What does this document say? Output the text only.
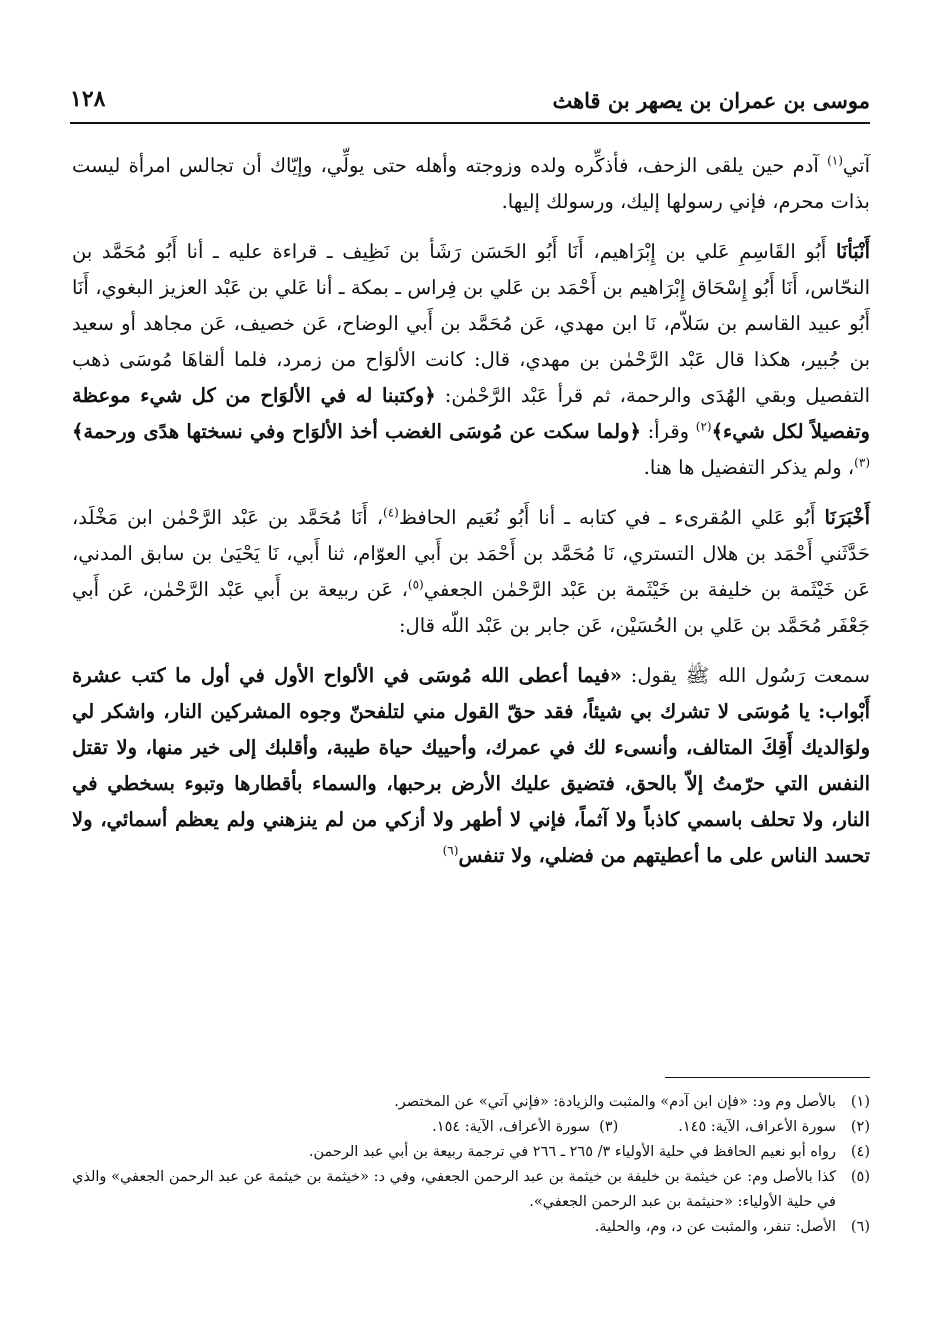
موسى بن عمران بن يصهر بن قاهث
١٢٨

آتي$^{(١)}$ آدم حين يلقى الزحف، فأذكِّره ولده وزوجته وأهله حتى يولِّي، وإيّاك أن تجالس امرأة ليست بذات محرم، فإني رسولها إليك، ورسولك إليها.

أَنْبَأنَا أَبُو القَاسِمِ عَلي بن إِبْرَاهيم، أَنَا أَبُو الحَسَن رَشَأ بن نَظِيف ـ قراءة عليه ـ أنا أَبُو مُحَمَّد بن النحّاس، أَنَا أَبُو إِسْحَاق إِبْرَاهيم بن أَحْمَد بن عَلي بن فِراس ـ بمكة ـ أنا عَلي بن عَبْد العزيز البغوي، أَنَا أَبُو عبيد القاسم بن سَلاّم، نَا ابن مهدي، عَن مُحَمَّد بن أَبي الوضاح، عَن خصيف، عَن مجاهد أو سعيد بن جُبير، هكذا قال عَبْد الرَّحْمٰن بن مهدي، قال: كانت الألوَاح من زمرد، فلما ألقاهَا مُوسَى ذهب التفصيل وبقي الهُدَى والرحمة، ثم قرأ عَبْد الرَّحْمٰن: ﴿وكتبنا له في الألوَاح من كل شيء موعظة وتفصيلاً لكل شيء﴾$^{(٢)}$ وقرأ: ﴿ولما سكت عن مُوسَى الغضب أخذ الألوَاح وفي نسختها هدًى ورحمة﴾$^{(٣)}$، ولم يذكر التفضيل ها هنا.

أَخْبَرَنَا أَبُو عَلي المُقرىء ـ في كتابه ـ أنا أَبُو نُعَيم الحافظ$^{(٤)}$، أَنَا مُحَمَّد بن عَبْد الرَّحْمٰن ابن مَخْلَد، حَدَّثَني أَحْمَد بن هلال التستري، نَا مُحَمَّد بن أَحْمَد بن أَبي العوّام، ثنا أَبي، نَا يَحْيَىٰ بن سابق المدني، عَن خَيْثَمة بن خليفة بن خَيْثَمة بن عَبْد الرَّحْمٰن الجعفي$^{(٥)}$، عَن ربيعة بن أَبي عَبْد الرَّحْمٰن، عَن أَبي جَعْفَر مُحَمَّد بن عَلي بن الحُسَيْن، عَن جابر بن عَبْد اللّه قال:

سمعت رَسُول الله ﷺ يقول: «فيما أعطى الله مُوسَى في الألواح الأول في أول ما كتب عشرة أَبْواب: يا مُوسَى لا تشرك بي شيئاً، فقد حقّ القول مني لتلفحنّ وجوه المشركين النار، واشكر لي ولوَالديك أَقِكَ المتالف، وأنسىء لك في عمرك، وأحييك حياة طيبة، وأقلبك إلى خير منها، ولا تقتل النفس التي حرّمتُ إلاّ بالحق، فتضيق عليك الأرض برحبها، والسماء بأقطارها وتبوء بسخطي في النار، ولا تحلف باسمي كاذباً ولا آثماً، فإني لا أطهر ولا أزكي من لم ينزهني ولم يعظم أسمائي، ولا تحسد الناس على ما أعطيتهم من فضلي، ولا تنفس$^{(٦)}$

(١)
بالأصل وم ود: «فإن ابن آدم» والمثبت والزيادة: «فإني آتي» عن المختصر.
(٢)
سورة الأعراف، الآية: ١٤٥.
(٣)  سورة الأعراف، الآية: ١٥٤.
(٤)
رواه أبو نعيم الحافظ في حلية الأولياء ٣/ ٢٦٥ ـ ٢٦٦ في ترجمة ربيعة بن أبي عبد الرحمن.
(٥)
كذا بالأصل وم: عن خيثمة بن خليفة بن خيثمة بن عبد الرحمن الجعفي، وفي د: «خيثمة بن خيثمة عن عبد الرحمن الجعفي» والذي في حلية الأولياء: «حنيثمة بن عبد الرحمن الجعفي».
(٦)
الأصل: تنفر، والمثبت عن د، وم، والحلية.
